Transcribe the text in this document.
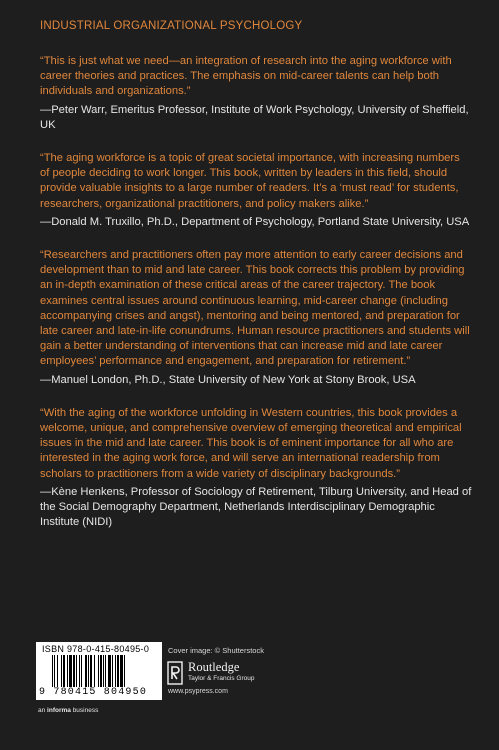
INDUSTRIAL ORGANIZATIONAL PSYCHOLOGY

“This is just what we need—an integration of research into the aging workforce with career theories and practices. The emphasis on mid-career talents can help both individuals and organizations.”

—Peter Warr, Emeritus Professor, Institute of Work Psychology, University of Sheffield, UK

“The aging workforce is a topic of great societal importance, with increasing numbers of people deciding to work longer. This book, written by leaders in this field, should provide valuable insights to a large number of readers. It’s a ‘must read’ for students, researchers, organizational practitioners, and policy makers alike.”

—Donald M. Truxillo, Ph.D., Department of Psychology, Portland State University, USA

“Researchers and practitioners often pay more attention to early career decisions and development than to mid and late career. This book corrects this problem by providing an in-depth examination of these critical areas of the career trajectory. The book examines central issues around continuous learning, mid-career change (including accompanying crises and angst), mentoring and being mentored, and preparation for late career and late-in-life conundrums. Human resource practitioners and students will gain a better understanding of interventions that can increase mid and late career employees’ performance and engagement, and preparation for retirement.”

—Manuel London, Ph.D., State University of New York at Stony Brook, USA

“With the aging of the workforce unfolding in Western countries, this book provides a welcome, unique, and comprehensive overview of emerging theoretical and empirical issues in the mid and late career. This book is of eminent importance for all who are interested in the aging work force, and will serve an international readership from scholars to practitioners from a wide variety of disciplinary backgrounds.”

—Kène Henkens, Professor of Sociology of Retirement, Tilburg University, and Head of the Social Demography Department, Netherlands Interdisciplinary Demographic Institute (NIDI)

ISBN 978-0-415-80495-0
9 780415 804950
Cover image: © Shutterstock
Routledge
Taylor & Francis Group
www.psypress.com
an informa business
